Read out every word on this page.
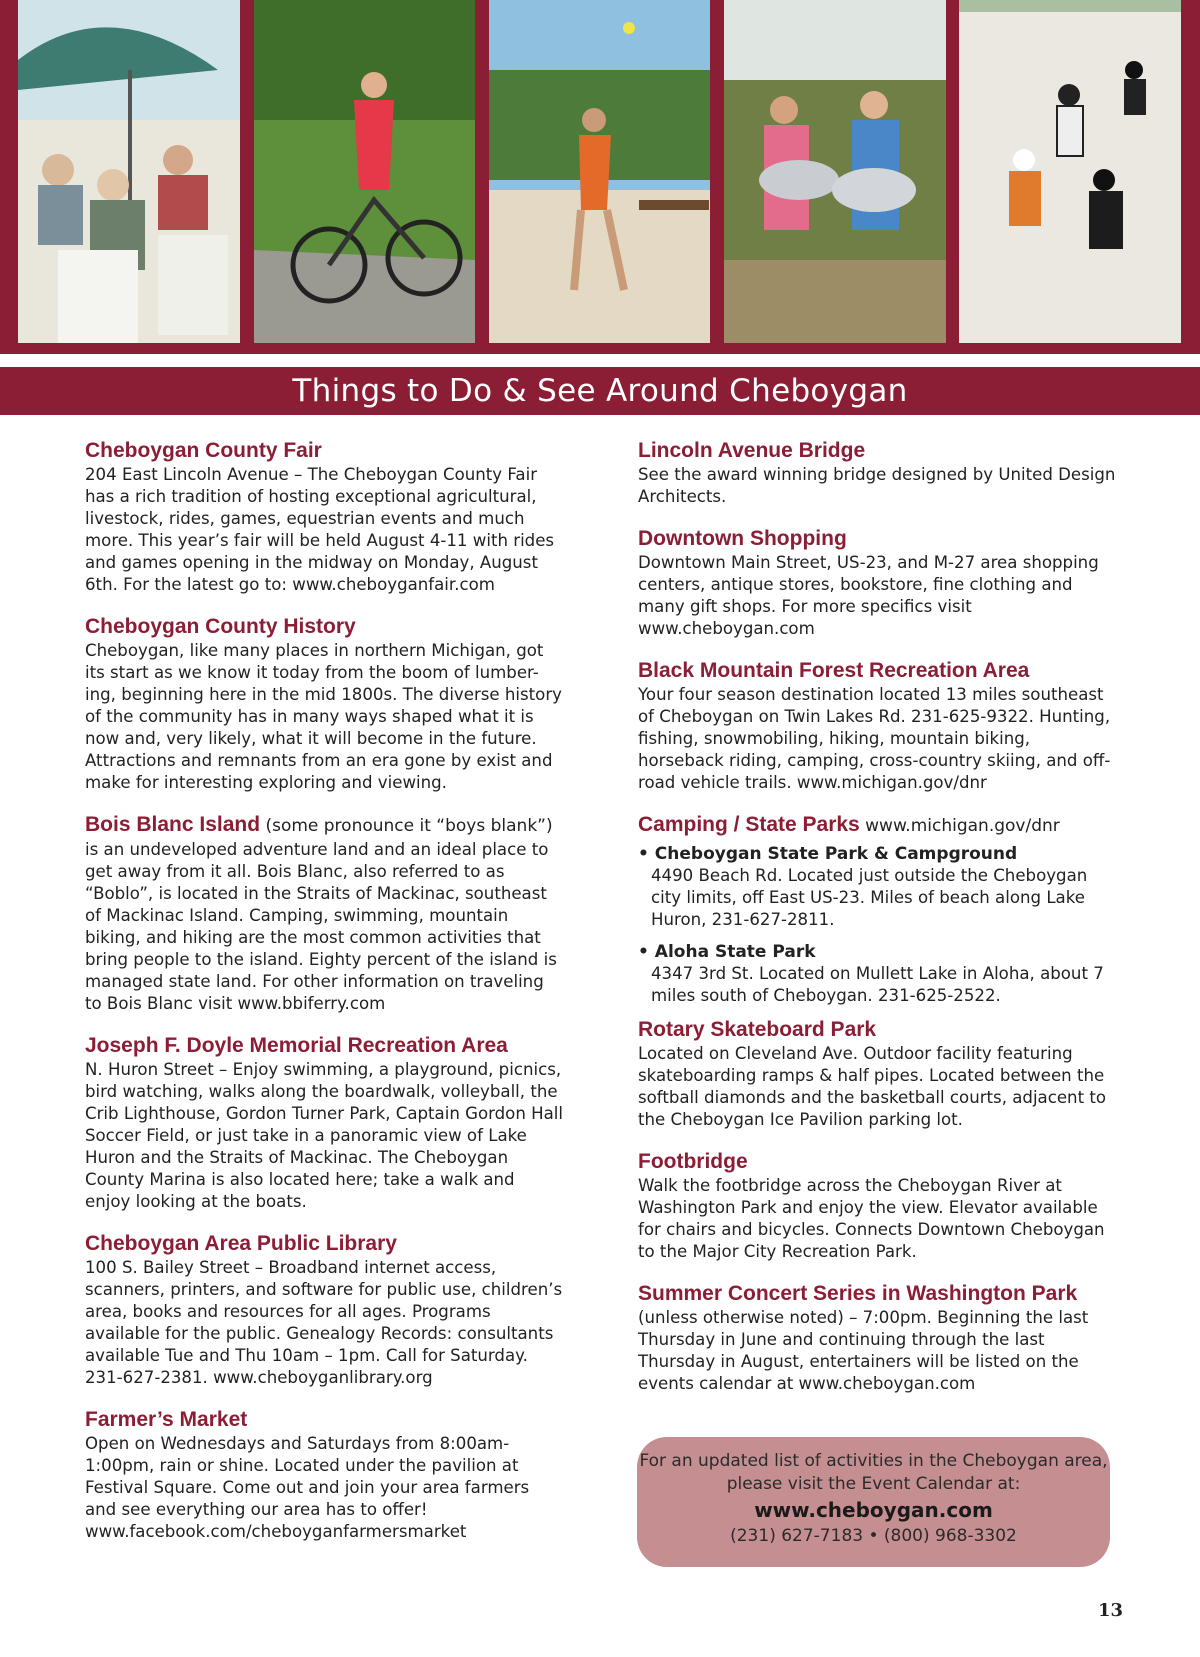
Things to Do & See Around Cheboygan
Cheboygan County Fair

204 East Lincoln Avenue – The Cheboygan County Fair has a rich tradition of hosting exceptional agricultural, livestock, rides, games, equestrian events and much more. This year’s fair will be held August 4-11 with rides and games opening in the midway on Monday, August 6th. For the latest go to: www.cheboyganfair.com

Cheboygan County History

Cheboygan, like many places in northern Michigan, got its start as we know it today from the boom of lumber-ing, beginning here in the mid 1800s. The diverse history of the community has in many ways shaped what it is now and, very likely, what it will become in the future. Attractions and remnants from an era gone by exist and make for interesting exploring and viewing.

Bois Blanc Island (some pronounce it “boys blank”)

is an undeveloped adventure land and an ideal place to get away from it all. Bois Blanc, also referred to as “Boblo”, is located in the Straits of Mackinac, southeast of Mackinac Island. Camping, swimming, mountain biking, and hiking are the most common activities that bring people to the island. Eighty percent of the island is managed state land. For other information on traveling to Bois Blanc visit www.bbiferry.com

Joseph F. Doyle Memorial Recreation Area

N. Huron Street – Enjoy swimming, a playground, picnics, bird watching, walks along the boardwalk, volleyball, the Crib Lighthouse, Gordon Turner Park, Captain Gordon Hall Soccer Field, or just take in a panoramic view of Lake Huron and the Straits of Mackinac. The Cheboygan County Marina is also located here; take a walk and enjoy looking at the boats.

Cheboygan Area Public Library

100 S. Bailey Street – Broadband internet access, scanners, printers, and software for public use, children’s area, books and resources for all ages. Programs available for the public. Genealogy Records: consultants available Tue and Thu 10am – 1pm. Call for Saturday. 231-627-2381. www.cheboyganlibrary.org

Farmer’s Market

Open on Wednesdays and Saturdays from 8:00am-1:00pm, rain or shine. Located under the pavilion at Festival Square. Come out and join your area farmers and see everything our area has to offer! www.facebook.com/cheboyganfarmersmarket

Lincoln Avenue Bridge

See the award winning bridge designed by United Design Architects.

Downtown Shopping

Downtown Main Street, US-23, and M-27 area shopping centers, antique stores, bookstore, fine clothing and many gift shops. For more specifics visit www.cheboygan.com

Black Mountain Forest Recreation Area

Your four season destination located 13 miles southeast of Cheboygan on Twin Lakes Rd. 231-625-9322. Hunting, fishing, snowmobiling, hiking, mountain biking, horseback riding, camping, cross-country skiing, and off-road vehicle trails. www.michigan.gov/dnr

Camping / State Parks www.michigan.gov/dnr
• Cheboygan State Park & Campground
4490 Beach Rd. Located just outside the Cheboygan city limits, off East US-23. Miles of beach along Lake Huron, 231-627-2811.
• Aloha State Park
4347 3rd St. Located on Mullett Lake in Aloha, about 7 miles south of Cheboygan. 231-625-2522.
Rotary Skateboard Park

Located on Cleveland Ave. Outdoor facility featuring skateboarding ramps & half pipes. Located between the softball diamonds and the basketball courts, adjacent to the Cheboygan Ice Pavilion parking lot.

Footbridge

Walk the footbridge across the Cheboygan River at Washington Park and enjoy the view. Elevator available for chairs and bicycles. Connects Downtown Cheboygan to the Major City Recreation Park.

Summer Concert Series in Washington Park

(unless otherwise noted) – 7:00pm. Beginning the last Thursday in June and continuing through the last Thursday in August, entertainers will be listed on the events calendar at www.cheboygan.com

For an updated list of activities in the Cheboygan area, please visit the Event Calendar at:
www.cheboygan.com
(231) 627-7183 • (800) 968-3302
13
